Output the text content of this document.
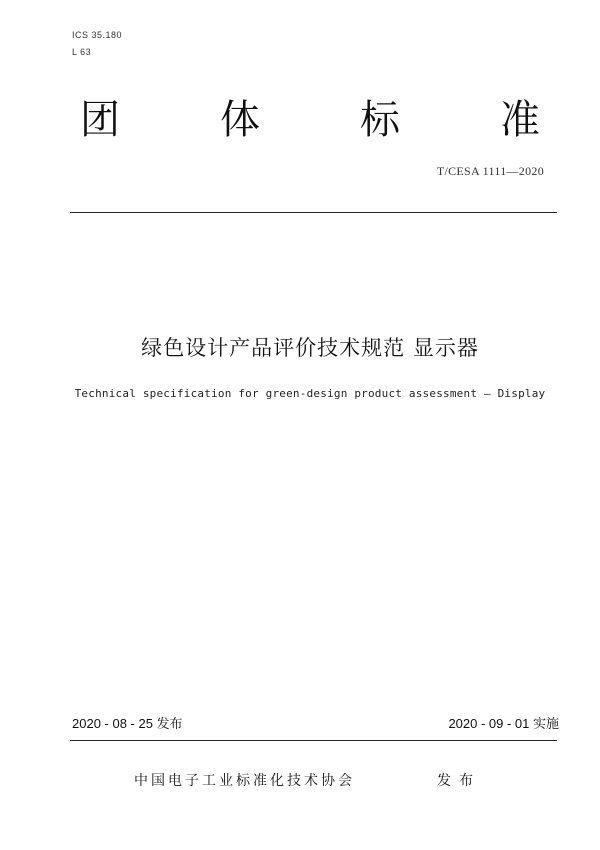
ICS 35.180
L 63
团	体	标	准
T/CESA 1111—2020
绿色设计产品评价技术规范 显示器
Technical specification for green-design product assessment — Display
2020 - 08 - 25 发布	2020 - 09 - 01 实施
中国电子工业标准化技术协会	发布
